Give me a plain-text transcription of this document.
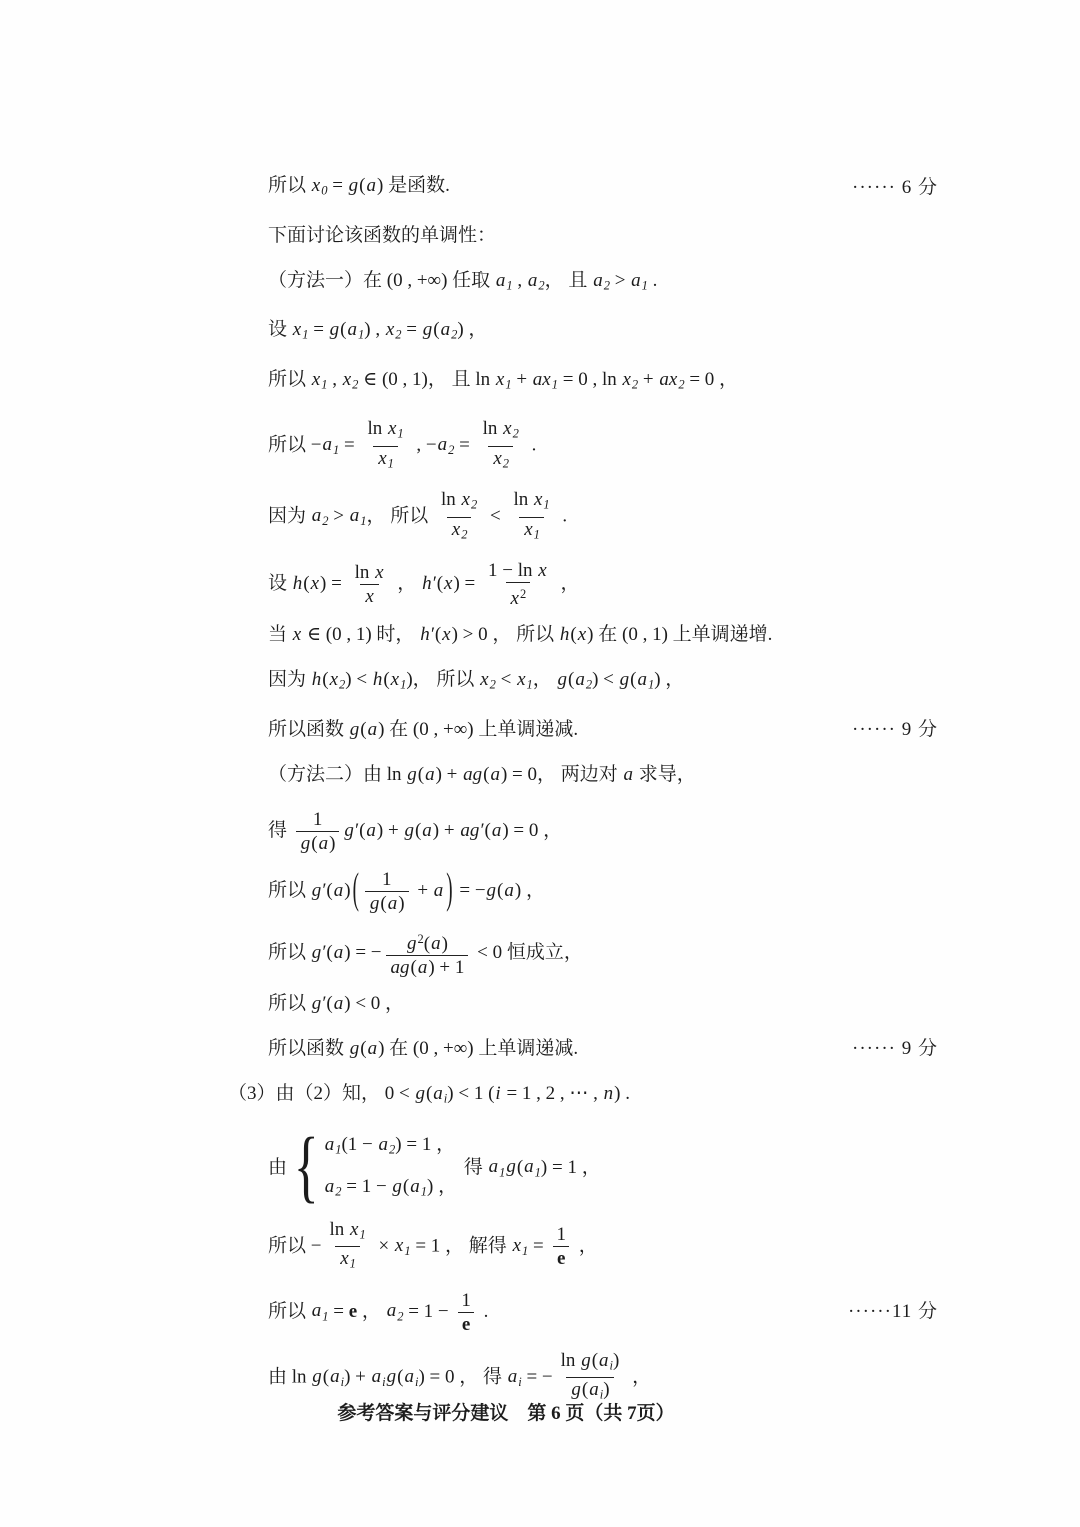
所以 x0 = g(a) 是函数.	······ 6 分
下面讨论该函数的单调性：
（方法一）在 (0 , +∞) 任取 a1 , a2， 且 a2 > a1 .
设 x1 = g(a1) , x2 = g(a2) ，
所以 x1 , x2 ∈ (0 , 1)， 且 ln x1 + ax1 = 0 , ln x2 + ax2 = 0 ，
所以 $-a1 = \frac{\text{ln x1}}{x1}$ , $-a2 = \frac{\text{ln x2}}{x2}$ .
因为 a2 > a1， 所以 $\frac{\text{ln x2}}{x2} < \frac{\text{ln x1}}{x1}$ .
设 $h(x) = \frac{\text{ln x}}{x}$ ， $h'(x) = \frac{\text{1 − ln x}}{x^2}$ ，
当 x ∈ (0 , 1) 时， h′(x) > 0 ， 所以 h(x) 在 (0 , 1) 上单调递增.
因为 h(x2) < h(x1)， 所以 x2 < x1， g(a2) < g(a1) ，
所以函数 g(a) 在 (0 , +∞) 上单调递减.	······ 9 分
（方法二）由 ln g(a) + ag(a) = 0， 两边对 a 求导，
得 $\frac{1}{g(a)} g'(a) + g(a) + ag'(a) = 0$ ，
所以 g′(a) ( $\frac{1}{g(a)} + a$ ) = −g(a) ，
所以 g′(a) = − $\frac{g^2(a)}{ag(a) + 1} < 0$ 恒成立，
所以 g′(a) < 0 ，
所以函数 g(a) 在 (0 , +∞) 上单调递减.	······ 9 分
（3）由（2）知， 0 < g(ai) < 1 (i = 1 , 2 , ⋯ , n) .
由 { a1(1 − a2) = 1 ，
a2 = 1 − g(a1) ，
得 a1g(a1) = 1 ，
所以 − $\frac{\text{ln x1}}{x1} \times x1 = 1$ ， 解得 $x1 = \frac{1}{e}$ ，
所以 a1 = e ， $a2 = 1 - \frac{1}{e}$ .	······11 分
由 ln g(ai) + aig(ai) = 0 ， 得 ai = − $\frac{\text{ln g(ai)}}{g(ai)}$ ，
参考答案与评分建议　第 6 页（共 7页）
